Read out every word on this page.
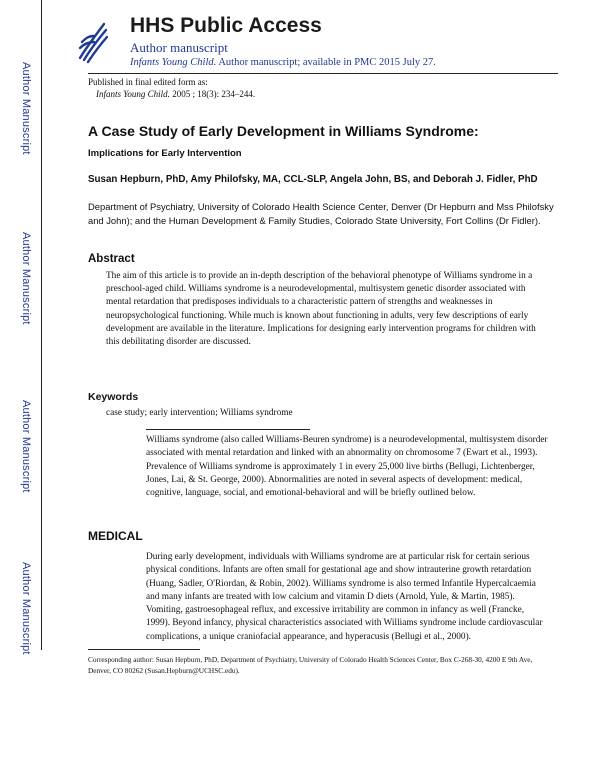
Author Manuscript
Author Manuscript
Author Manuscript
Author Manuscript
HHS Public Access
Author manuscript
Infants Young Child. Author manuscript; available in PMC 2015 July 27.
Published in final edited form as:
Infants Young Child. 2005 ; 18(3): 234–244.
A Case Study of Early Development in Williams Syndrome:
Implications for Early Intervention
Susan Hepburn, PhD, Amy Philofsky, MA, CCL-SLP, Angela John, BS, and Deborah J. Fidler, PhD
Department of Psychiatry, University of Colorado Health Science Center, Denver (Dr Hepburn and Mss Philofsky and John); and the Human Development & Family Studies, Colorado State University, Fort Collins (Dr Fidler).
Abstract
The aim of this article is to provide an in-depth description of the behavioral phenotype of Williams syndrome in a preschool-aged child. Williams syndrome is a neurodevelopmental, multisystem genetic disorder associated with mental retardation that predisposes individuals to a characteristic pattern of strengths and weaknesses in neuropsychological functioning. While much is known about functioning in adults, very few descriptions of early development are available in the literature. Implications for designing early intervention programs for children with this debilitating disorder are discussed.
Keywords
case study; early intervention; Williams syndrome
Williams syndrome (also called Williams-Beuren syndrome) is a neurodevelopmental, multisystem disorder associated with mental retardation and linked with an abnormality on chromosome 7 (Ewart et al., 1993). Prevalence of Williams syndrome is approximately 1 in every 25,000 live births (Bellugi, Lichtenberger, Jones, Lai, & St. George, 2000). Abnormalities are noted in several aspects of development: medical, cognitive, language, social, and emotional-behavioral and will be briefly outlined below.
MEDICAL
During early development, individuals with Williams syndrome are at particular risk for certain serious physical conditions. Infants are often small for gestational age and show intrauterine growth retardation (Huang, Sadler, O'Riordan, & Robin, 2002). Williams syndrome is also termed Infantile Hypercalcaemia and many infants are treated with low calcium and vitamin D diets (Arnold, Yule, & Martin, 1985). Vomiting, gastroesophageal reflux, and excessive irritability are common in infancy as well (Francke, 1999). Beyond infancy, physical characteristics associated with Williams syndrome include cardiovascular complications, a unique craniofacial appearance, and hyperacusis (Bellugi et al., 2000).
Corresponding author: Susan Hepburn, PhD, Department of Psychiatry, University of Colorado Health Sciences Center, Box C-268-30, 4200 E 9th Ave, Denver, CO 80262 (Susan.Hepburn@UCHSC.edu).
